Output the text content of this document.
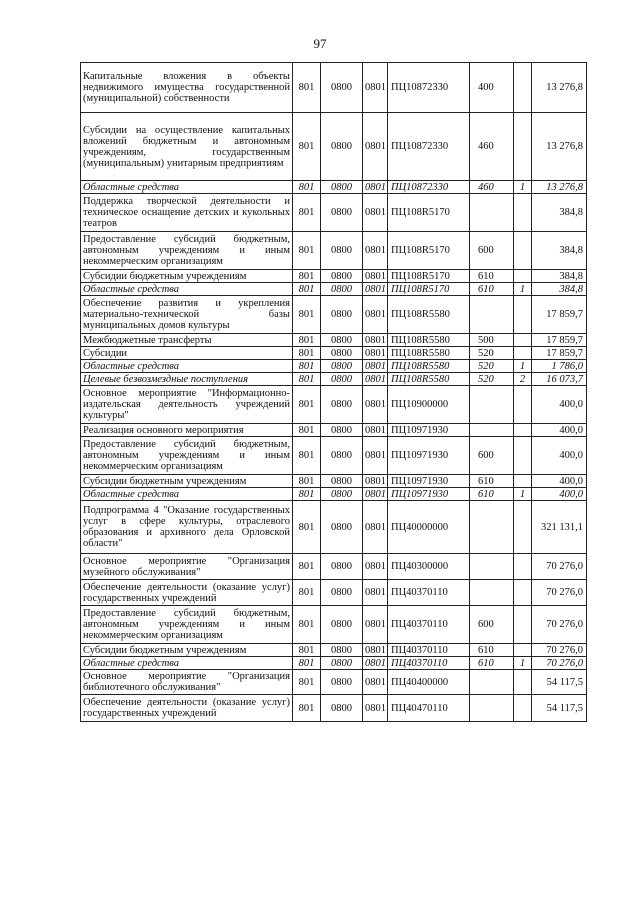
97
Капитальные вложения в объекты недвижимого имущества государственной (муниципальной) собственности	801	0800	0801	ПЦ10872330	400		13 276,8
Субсидии на осуществление капитальных вложений бюджетным и автономным учреждениям, государственным (муниципальным) унитарным предприятиям	801	0800	0801	ПЦ10872330	460		13 276,8
Областные средства	801	0800	0801	ПЦ10872330	460	1	13 276,8
Поддержка творческой деятельности и техническое оснащение детских и кукольных театров	801	0800	0801	ПЦ108R5170			384,8
Предоставление субсидий бюджетным, автономным учреждениям и иным некоммерческим организациям	801	0800	0801	ПЦ108R5170	600		384,8
Субсидии бюджетным учреждениям	801	0800	0801	ПЦ108R5170	610		384,8
Областные средства	801	0800	0801	ПЦ108R5170	610	1	384,8
Обеспечение развития и укрепления материально-технической базы муниципальных домов культуры	801	0800	0801	ПЦ108R5580			17 859,7
Межбюджетные трансферты	801	0800	0801	ПЦ108R5580	500		17 859,7
Субсидии	801	0800	0801	ПЦ108R5580	520		17 859,7
Областные средства	801	0800	0801	ПЦ108R5580	520	1	1 786,0
Целевые безвозмездные поступления	801	0800	0801	ПЦ108R5580	520	2	16 073,7
Основное мероприятие "Информационно-издательская деятельность учреждений культуры"	801	0800	0801	ПЦ10900000			400,0
Реализация основного мероприятия	801	0800	0801	ПЦ10971930			400,0
Предоставление субсидий бюджетным, автономным учреждениям и иным некоммерческим организациям	801	0800	0801	ПЦ10971930	600		400,0
Субсидии бюджетным учреждениям	801	0800	0801	ПЦ10971930	610		400,0
Областные средства	801	0800	0801	ПЦ10971930	610	1	400,0
Подпрограмма 4 "Оказание государственных услуг в сфере культуры, отраслевого образования и архивного дела Орловской области"	801	0800	0801	ПЦ40000000			321 131,1
Основное мероприятие "Организация музейного обслуживания"	801	0800	0801	ПЦ40300000			70 276,0
Обеспечение деятельности (оказание услуг) государственных учреждений	801	0800	0801	ПЦ40370110			70 276,0
Предоставление субсидий бюджетным, автономным учреждениям и иным некоммерческим организациям	801	0800	0801	ПЦ40370110	600		70 276,0
Субсидии бюджетным учреждениям	801	0800	0801	ПЦ40370110	610		70 276,0
Областные средства	801	0800	0801	ПЦ40370110	610	1	70 276,0
Основное мероприятие "Организация библиотечного обслуживания"	801	0800	0801	ПЦ40400000			54 117,5
Обеспечение деятельности (оказание услуг) государственных учреждений	801	0800	0801	ПЦ40470110			54 117,5
